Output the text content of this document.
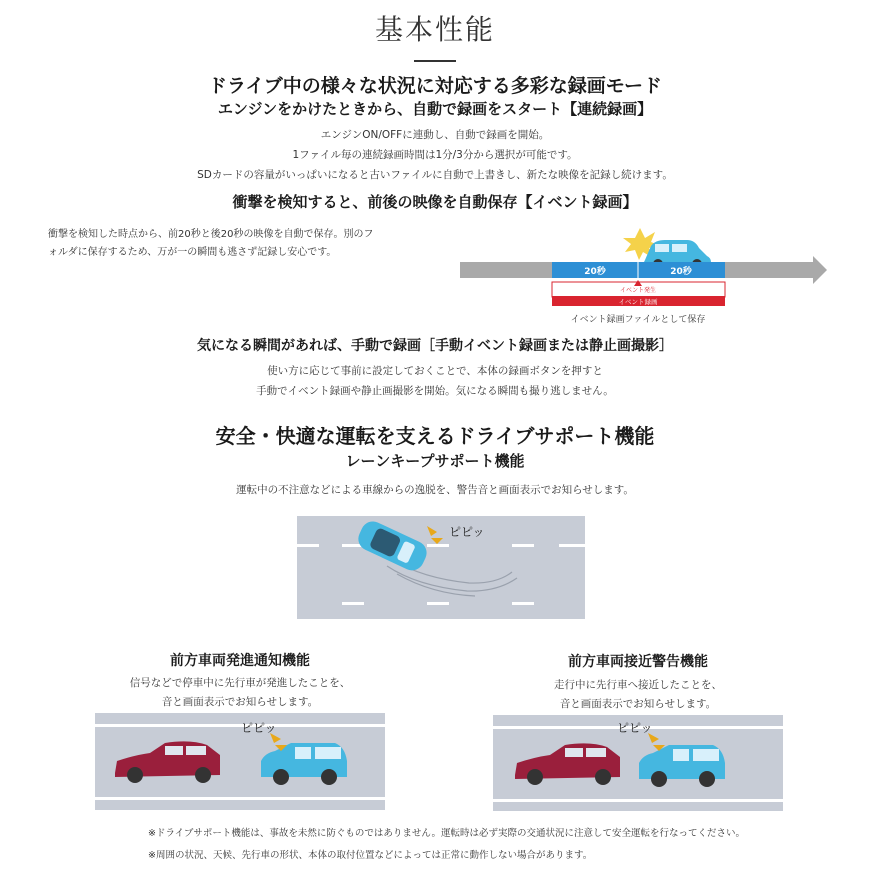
基本性能
ドライブ中の様々な状況に対応する多彩な録画モード
エンジンをかけたときから、自動で録画をスタート【連続録画】
エンジンON/OFFに連動し、自動で録画を開始。
1ファイル毎の連続録画時間は1分/3分から選択が可能です。
SDカードの容量がいっぱいになると古いファイルに自動で上書きし、新たな映像を記録し続けます。
衝撃を検知すると、前後の映像を自動保存【イベント録画】
衝撃を検知した時点から、前20秒と後20秒の映像を自動で保存。別のフ
ォルダに保存するため、万が一の瞬間も逃さず記録し安心です。
20秒	20秒
イベント発生
イベント録画
イベント録画ファイルとして保存
気になる瞬間があれば、手動で録画［手動イベント録画または静止画撮影］
使い方に応じて事前に設定しておくことで、本体の録画ボタンを押すと
手動でイベント録画や静止画撮影を開始。気になる瞬間も撮り逃しません。
安全・快適な運転を支えるドライブサポート機能
レーンキープサポート機能
運転中の不注意などによる車線からの逸脱を、警告音と画面表示でお知らせします。
ピピッ
前方車両発進通知機能
信号などで停車中に先行車が発進したことを、
音と画面表示でお知らせします。
ピピッ
前方車両接近警告機能
走行中に先行車へ接近したことを、
音と画面表示でお知らせします。
ピピッ
※ドライブサポート機能は、事故を未然に防ぐものではありません。運転時は必ず実際の交通状況に注意して安全運転を行なってください。
※周囲の状況、天候、先行車の形状、本体の取付位置などによっては正常に動作しない場合があります。
